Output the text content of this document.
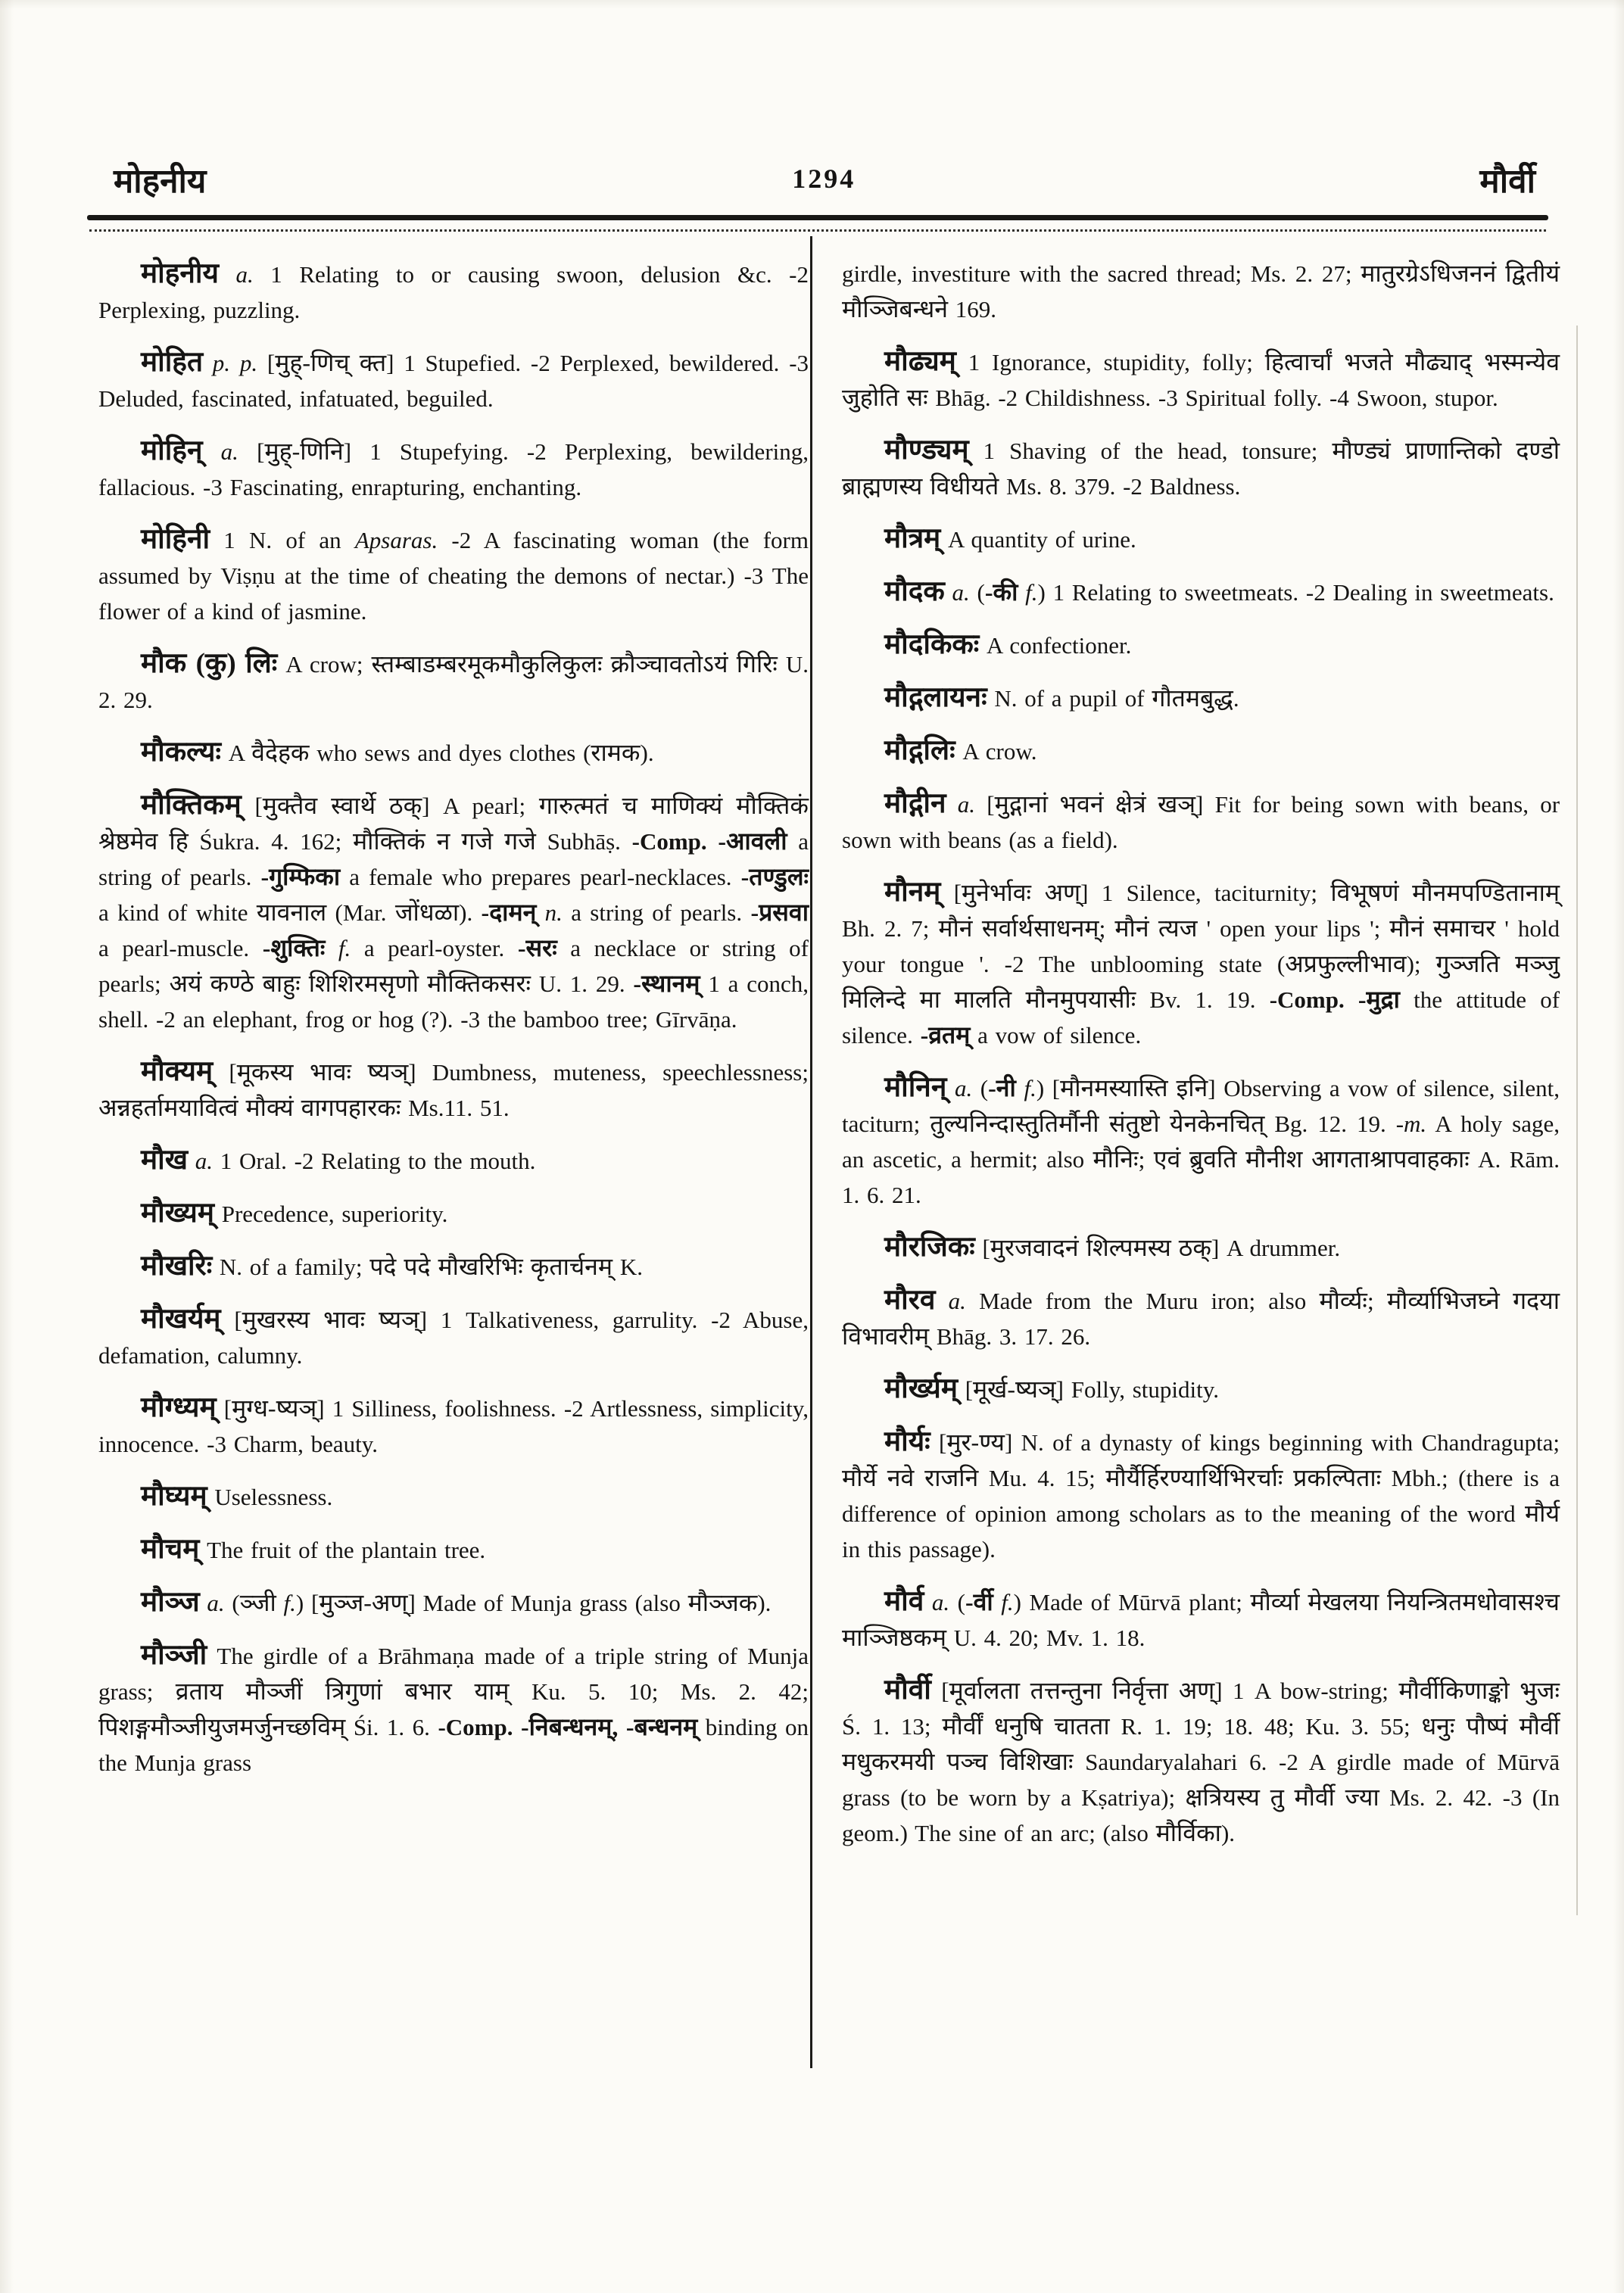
मोहनीय	1294	मौर्वी

मोहनीय a. 1 Relating to or causing swoon, delusion &c. -2 Perplexing, puzzling.

मोहित p. p. [मुह्-णिच् क्त] 1 Stupefied. -2 Perplexed, bewildered. -3 Deluded, fascinated, infatuated, beguiled.

मोहिन् a. [मुह्-णिनि] 1 Stupefying. -2 Perplexing, bewildering, fallacious. -3 Fascinating, enrapturing, enchanting.

मोहिनी 1 N. of an Apsaras. -2 A fascinating woman (the form assumed by Viṣṇu at the time of cheating the demons of nectar.) -3 The flower of a kind of jasmine.

मौक (कु) लिः A crow; स्तम्बाडम्बरमूकमौकुलिकुलः क्रौञ्चावतोऽयं गिरिः U. 2. 29.

मौकल्यः A वैदेहक who sews and dyes clothes (रामक).

मौक्तिकम् [मुक्तैव स्वार्थे ठक्] A pearl; गारुत्मतं च माणिक्यं मौक्तिकं श्रेष्ठमेव हि Śukra. 4. 162; मौक्तिकं न गजे गजे Subhāṣ. -Comp. -आवली a string of pearls. -गुम्फिका a female who prepares pearl-necklaces. -तण्डुलः a kind of white यावनाल (Mar. जोंधळा). -दामन् n. a string of pearls. -प्रसवा a pearl-muscle. -शुक्तिः f. a pearl-oyster. -सरः a necklace or string of pearls; अयं कण्ठे बाहुः शिशिरमसृणो मौक्तिकसरः U. 1. 29. -स्थानम् 1 a conch, shell. -2 an elephant, frog or hog (?). -3 the bamboo tree; Gīrvāṇa.

मौक्यम् [मूकस्य भावः ष्यञ्] Dumbness, muteness, speechlessness; अन्नहर्तामयावित्वं मौक्यं वागपहारकः Ms.11. 51.

मौख a. 1 Oral. -2 Relating to the mouth.

मौख्यम् Precedence, superiority.

मौखरिः N. of a family; पदे पदे मौखरिभिः कृतार्चनम् K.

मौखर्यम् [मुखरस्य भावः ष्यञ्] 1 Talkativeness, garrulity. -2 Abuse, defamation, calumny.

मौग्ध्यम् [मुग्ध-ष्यञ्] 1 Silliness, foolishness. -2 Artlessness, simplicity, innocence. -3 Charm, beauty.

मौघ्यम् Uselessness.

मौचम् The fruit of the plantain tree.

मौञ्ज a. (ञ्जी f.) [मुञ्ज-अण्] Made of Munja grass (also मौञ्जक).

मौञ्जी The girdle of a Brāhmaṇa made of a triple string of Munja grass; व्रताय मौञ्जीं त्रिगुणां बभार याम् Ku. 5. 10; Ms. 2. 42; पिशङ्गमौञ्जीयुजमर्जुनच्छविम् Śi. 1. 6. -Comp. -निबन्धनम्, -बन्धनम् binding on the Munja grass

girdle, investiture with the sacred thread; Ms. 2. 27; मातुरग्रेऽधिजननं द्वितीयं मौञ्जिबन्धने 169.

मौढ्यम् 1 Ignorance, stupidity, folly; हित्वार्चां भजते मौढ्याद् भस्मन्येव जुहोति सः Bhāg. -2 Childishness. -3 Spiritual folly. -4 Swoon, stupor.

मौण्ड्यम् 1 Shaving of the head, tonsure; मौण्ड्यं प्राणान्तिको दण्डो ब्राह्मणस्य विधीयते Ms. 8. 379. -2 Baldness.

मौत्रम् A quantity of urine.

मौदक a. (-की f.) 1 Relating to sweetmeats. -2 Dealing in sweetmeats.

मौदकिकः A confectioner.

मौद्गलायनः N. of a pupil of गौतमबुद्ध.

मौद्गलिः A crow.

मौद्गीन a. [मुद्गानां भवनं क्षेत्रं खञ्] Fit for being sown with beans, or sown with beans (as a field).

मौनम् [मुनेर्भावः अण्] 1 Silence, taciturnity; विभूषणं मौनमपण्डितानाम् Bh. 2. 7; मौनं सर्वार्थसाधनम्; मौनं त्यज ' open your lips '; मौनं समाचर ' hold your tongue '. -2 The unblooming state (अप्रफुल्लीभाव); गुञ्जति मञ्जु मिलिन्दे मा मालति मौनमुपयासीः Bv. 1. 19. -Comp. -मुद्रा the attitude of silence. -व्रतम् a vow of silence.

मौनिन् a. (-नी f.) [मौनमस्यास्ति इनि] Observing a vow of silence, silent, taciturn; तुल्यनिन्दास्तुतिर्मौनी संतुष्टो येनकेनचित् Bg. 12. 19. -m. A holy sage, an ascetic, a hermit; also मौनिः; एवं ब्रुवति मौनीश आगताश्रापवाहकाः A. Rām. 1. 6. 21.

मौरजिकः [मुरजवादनं शिल्पमस्य ठक्] A drummer.

मौरव a. Made from the Muru iron; also मौर्व्यः; मौर्व्याभिजघ्ने गदया विभावरीम् Bhāg. 3. 17. 26.

मौर्ख्यम् [मूर्ख-ष्यञ्] Folly, stupidity.

मौर्यः [मुर-ण्य] N. of a dynasty of kings beginning with Chandragupta; मौर्ये नवे राजनि Mu. 4. 15; मौर्यैर्हिरण्यार्थिभिरर्चाः प्रकल्पिताः Mbh.; (there is a difference of opinion among scholars as to the meaning of the word मौर्य in this passage).

मौर्व a. (-र्वी f.) Made of Mūrvā plant; मौर्व्या मेखलया नियन्त्रितमधोवासश्च माञ्जिष्ठकम् U. 4. 20; Mv. 1. 18.

मौर्वी [मूर्वालता तत्तन्तुना निर्वृत्ता अण्] 1 A bow-string; मौर्वीकिणाङ्को भुजः Ś. 1. 13; मौर्वीं धनुषि चातता R. 1. 19; 18. 48; Ku. 3. 55; धनुः पौष्पं मौर्वी मधुकरमयी पञ्च विशिखाः Saundaryalahari 6. -2 A girdle made of Mūrvā grass (to be worn by a Kṣatriya); क्षत्रियस्य तु मौर्वी ज्या Ms. 2. 42. -3 (In geom.) The sine of an arc; (also मौर्विका).
